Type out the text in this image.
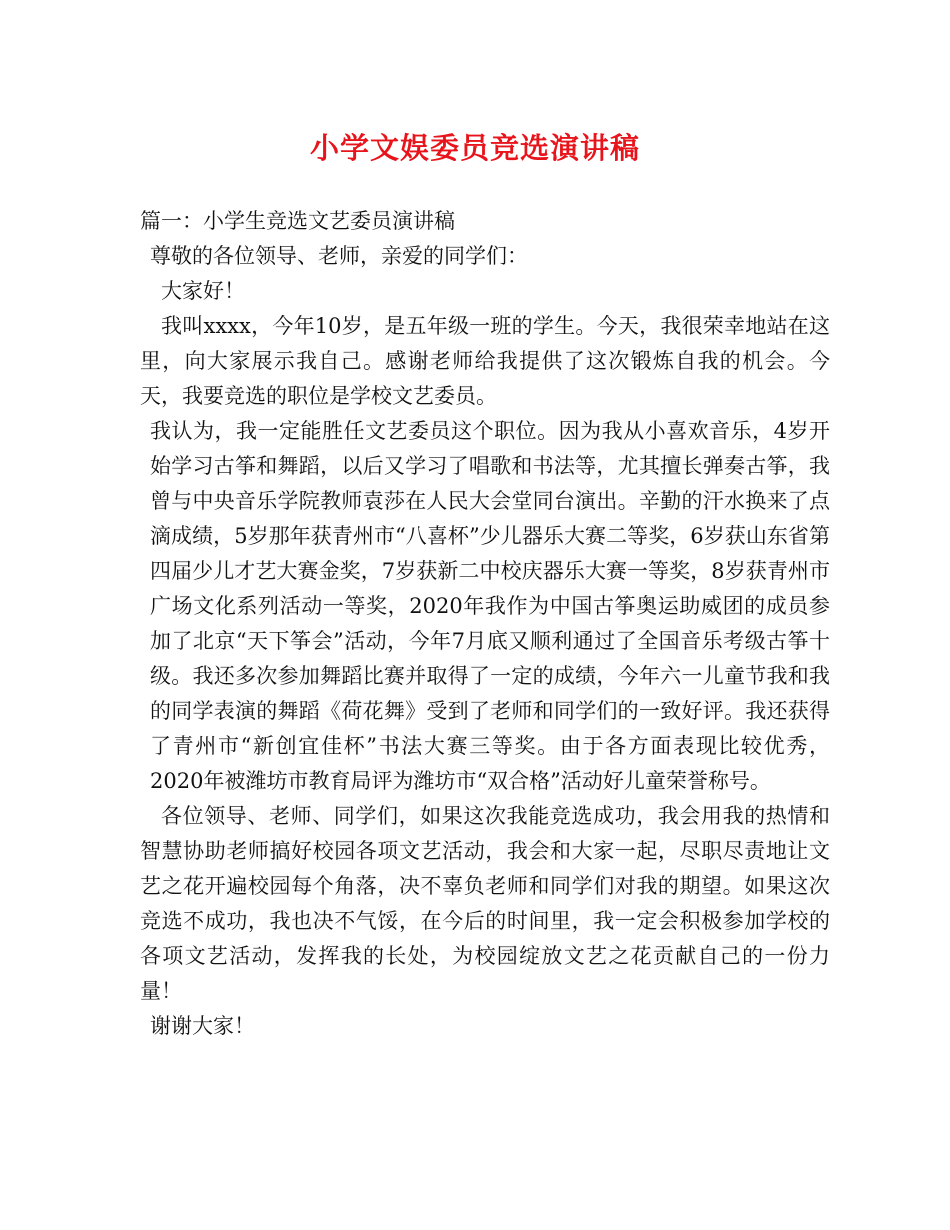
小学文娱委员竞选演讲稿

篇一：小学生竞选文艺委员演讲稿

尊敬的各位领导、老师，亲爱的同学们：

大家好！

我叫xxxx，今年10岁，是五年级一班的学生。今天，我很荣幸地站在这里，向大家展示我自己。感谢老师给我提供了这次锻炼自我的机会。今天，我要竞选的职位是学校文艺委员。

我认为，我一定能胜任文艺委员这个职位。因为我从小喜欢音乐，4岁开始学习古筝和舞蹈，以后又学习了唱歌和书法等，尤其擅长弹奏古筝，我曾与中央音乐学院教师袁莎在人民大会堂同台演出。辛勤的汗水换来了点滴成绩，5岁那年获青州市“八喜杯”少儿器乐大赛二等奖，6岁获山东省第四届少儿才艺大赛金奖，7岁获新二中校庆器乐大赛一等奖，8岁获青州市广场文化系列活动一等奖，2020年我作为中国古筝奥运助威团的成员参加了北京“天下筝会”活动，今年7月底又顺利通过了全国音乐考级古筝十级。我还多次参加舞蹈比赛并取得了一定的成绩，今年六一儿童节我和我的同学表演的舞蹈《荷花舞》受到了老师和同学们的一致好评。我还获得了青州市“新创宜佳杯”书法大赛三等奖。由于各方面表现比较优秀，2020年被潍坊市教育局评为潍坊市“双合格”活动好儿童荣誉称号。

各位领导、老师、同学们，如果这次我能竞选成功，我会用我的热情和智慧协助老师搞好校园各项文艺活动，我会和大家一起，尽职尽责地让文艺之花开遍校园每个角落，决不辜负老师和同学们对我的期望。如果这次竞选不成功，我也决不气馁，在今后的时间里，我一定会积极参加学校的各项文艺活动，发挥我的长处，为校园绽放文艺之花贡献自己的一份力量！

谢谢大家！
